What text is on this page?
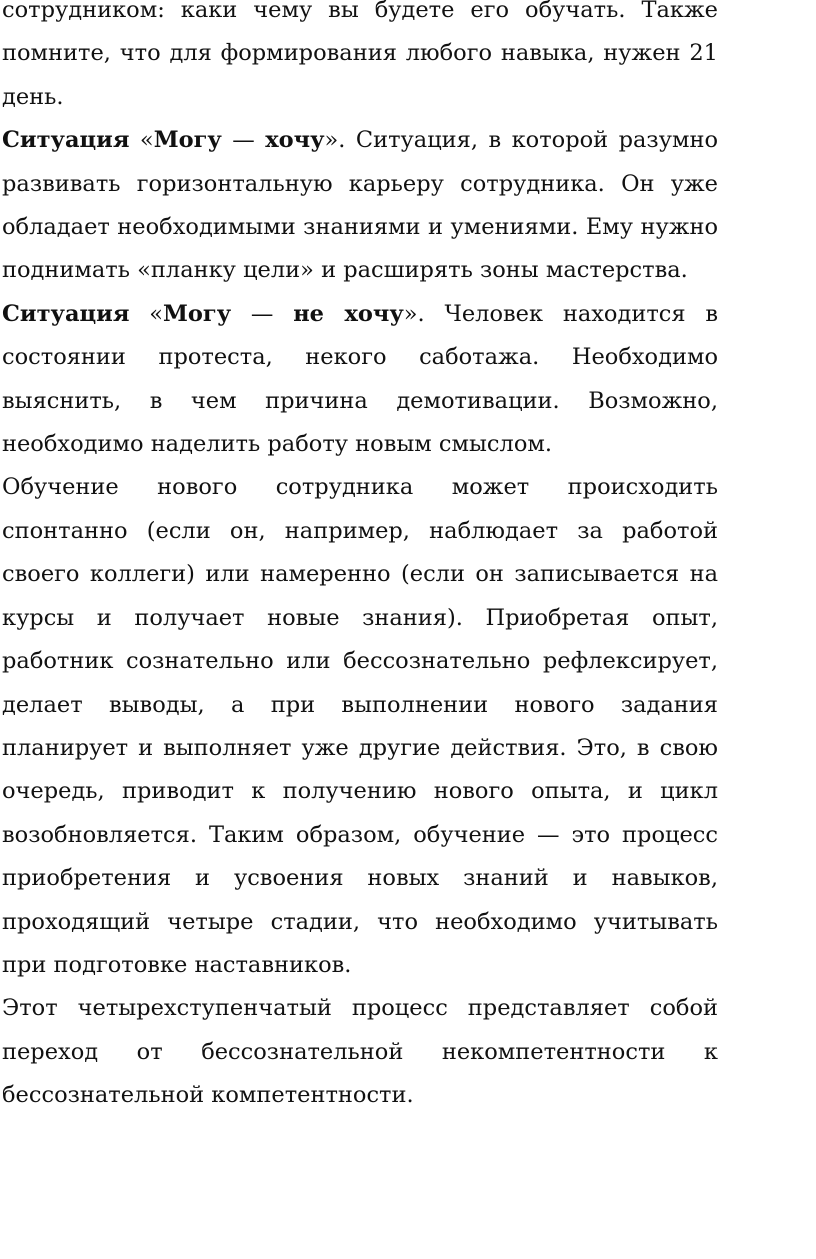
сотрудником: каки чему вы будете его обучать. Также помните, что для формирования любого навыка, нужен 21 день.

Ситуация «Могу — хочу». Ситуация, в которой разумно развивать горизонтальную карьеру сотрудника. Он уже обладает необходимыми знаниями и умениями. Ему нужно поднимать «планку цели» и расширять зоны мастерства.

Ситуация «Могу — не хочу». Человек находится в состоянии протеста, некого саботажа. Необходимо выяснить, в чем причина демотивации. Возможно, необходимо наделить работу новым смыслом.

Обучение нового сотрудника может происходить спонтанно (если он, например, наблюдает за работой своего коллеги) или намеренно (если он записывается на курсы и получает новые знания). Приобретая опыт, работник сознательно или бессознательно рефлексирует, делает выводы, а при выполнении нового задания планирует и выполняет уже другие действия. Это, в свою очередь, приводит к получению нового опыта, и цикл возобновляется. Таким образом, обучение — это процесс приобретения и усвоения новых знаний и навыков, проходящий четыре стадии, что необходимо учитывать при подготовке наставников.

Этот четырехступенчатый процесс представляет собой переход от бессознательной некомпетентности к бессознательной компетентности.
